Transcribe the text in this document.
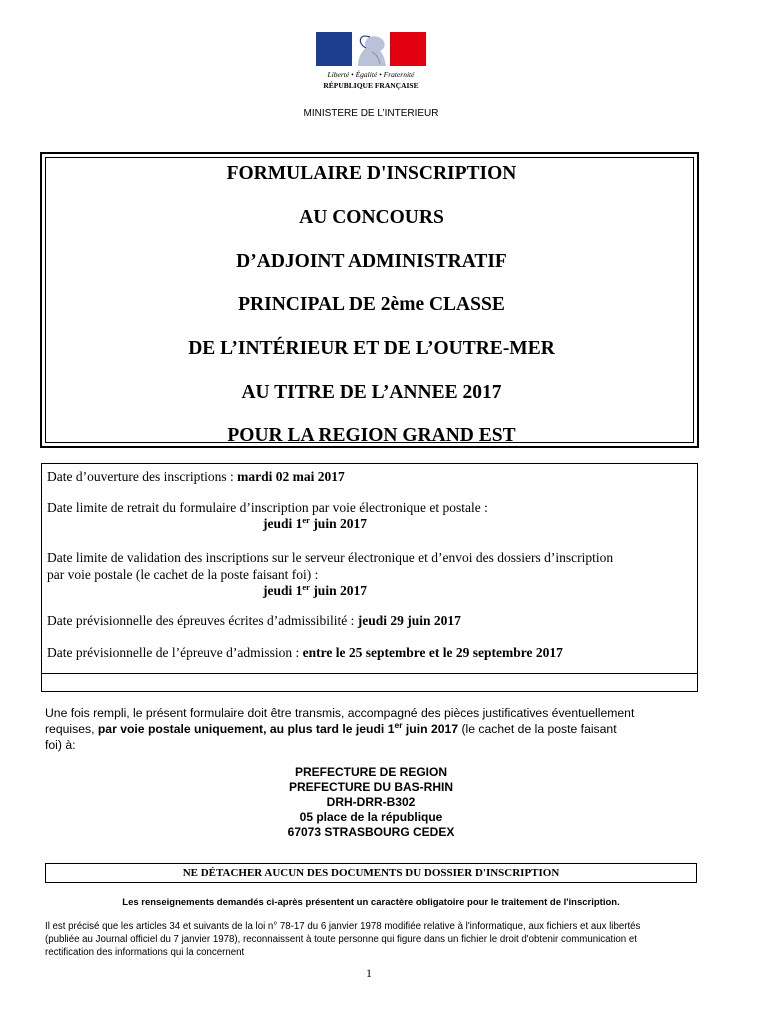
Liberté • Égalité • Fraternité
RÉPUBLIQUE FRANÇAISE
MINISTERE DE L’INTERIEUR
FORMULAIRE D'INSCRIPTION
AU CONCOURS
D’ADJOINT ADMINISTRATIF
PRINCIPAL DE 2ème CLASSE
DE L’INTÉRIEUR ET DE L’OUTRE-MER
AU TITRE DE L’ANNEE 2017
POUR LA REGION GRAND EST
Date d’ouverture des inscriptions : mardi 02 mai 2017
Date limite de retrait du formulaire d’inscription par voie électronique et postale :
jeudi 1er juin 2017
Date limite de validation des inscriptions sur le serveur électronique et d’envoi des dossiers d’inscription
par voie postale (le cachet de la poste faisant foi) :
jeudi 1er juin 2017
Date prévisionnelle des épreuves écrites d’admissibilité : jeudi 29 juin 2017
Date prévisionnelle de l’épreuve d’admission : entre le 25 septembre et le 29 septembre 2017
Une fois rempli, le présent formulaire doit être transmis, accompagné des pièces justificatives éventuellement
requises, par voie postale uniquement, au plus tard le jeudi 1er juin 2017 (le cachet de la poste faisant
foi) à:
PREFECTURE DE REGION
PREFECTURE DU BAS-RHIN
DRH-DRR-B302
05 place de la république
67073 STRASBOURG CEDEX
NE DÉTACHER AUCUN DES DOCUMENTS DU DOSSIER D'INSCRIPTION
Les renseignements demandés ci-après présentent un caractère obligatoire pour le traitement de l'inscription.
Il est précisé que les articles 34 et suivants de la loi n° 78-17 du 6 janvier 1978 modifiée relative à l'informatique, aux fichiers et aux libertés
(publiée au Journal officiel du 7 janvier 1978), reconnaissent à toute personne qui figure dans un fichier le droit d'obtenir communication et
rectification des informations qui la concernent
1
